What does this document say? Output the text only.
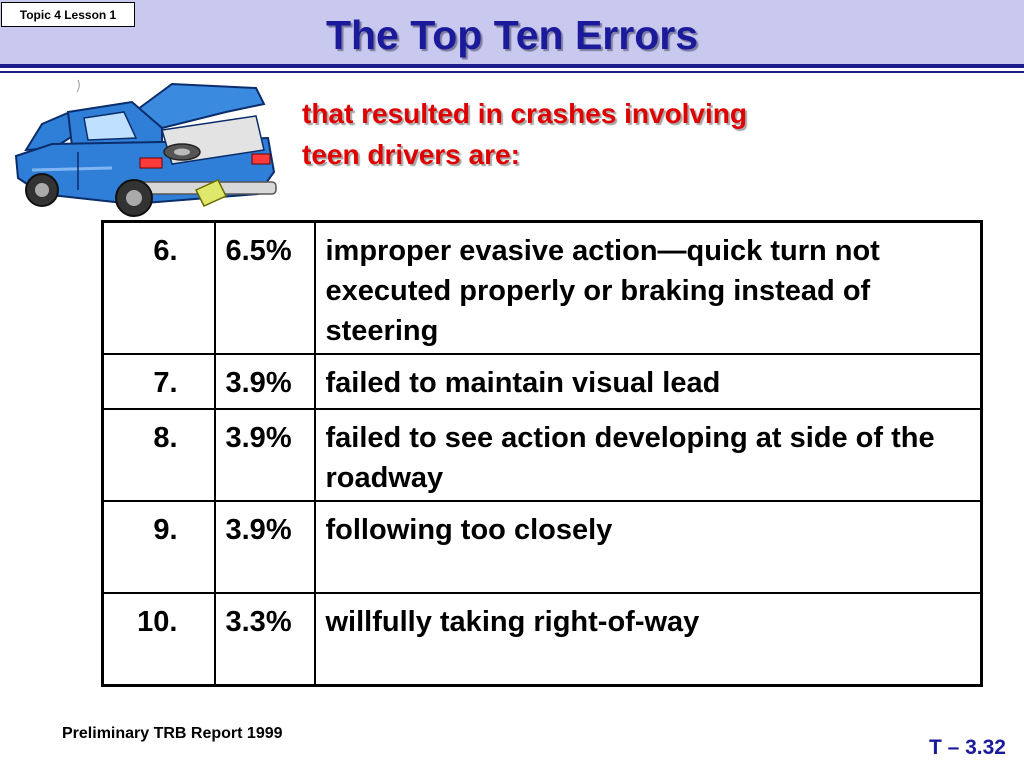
Topic 4 Lesson 1	The Top Ten Errors
that resulted in crashes involving
teen drivers are:
6.	6.5%	improper evasive action—quick turn not executed properly or braking instead of steering
7.	3.9%	failed to maintain visual lead
8.	3.9%	failed to see action developing at side of the roadway
9.	3.9%	following too closely
10.	3.3%	willfully taking right-of-way
Preliminary TRB Report 1999
T – 3.32
